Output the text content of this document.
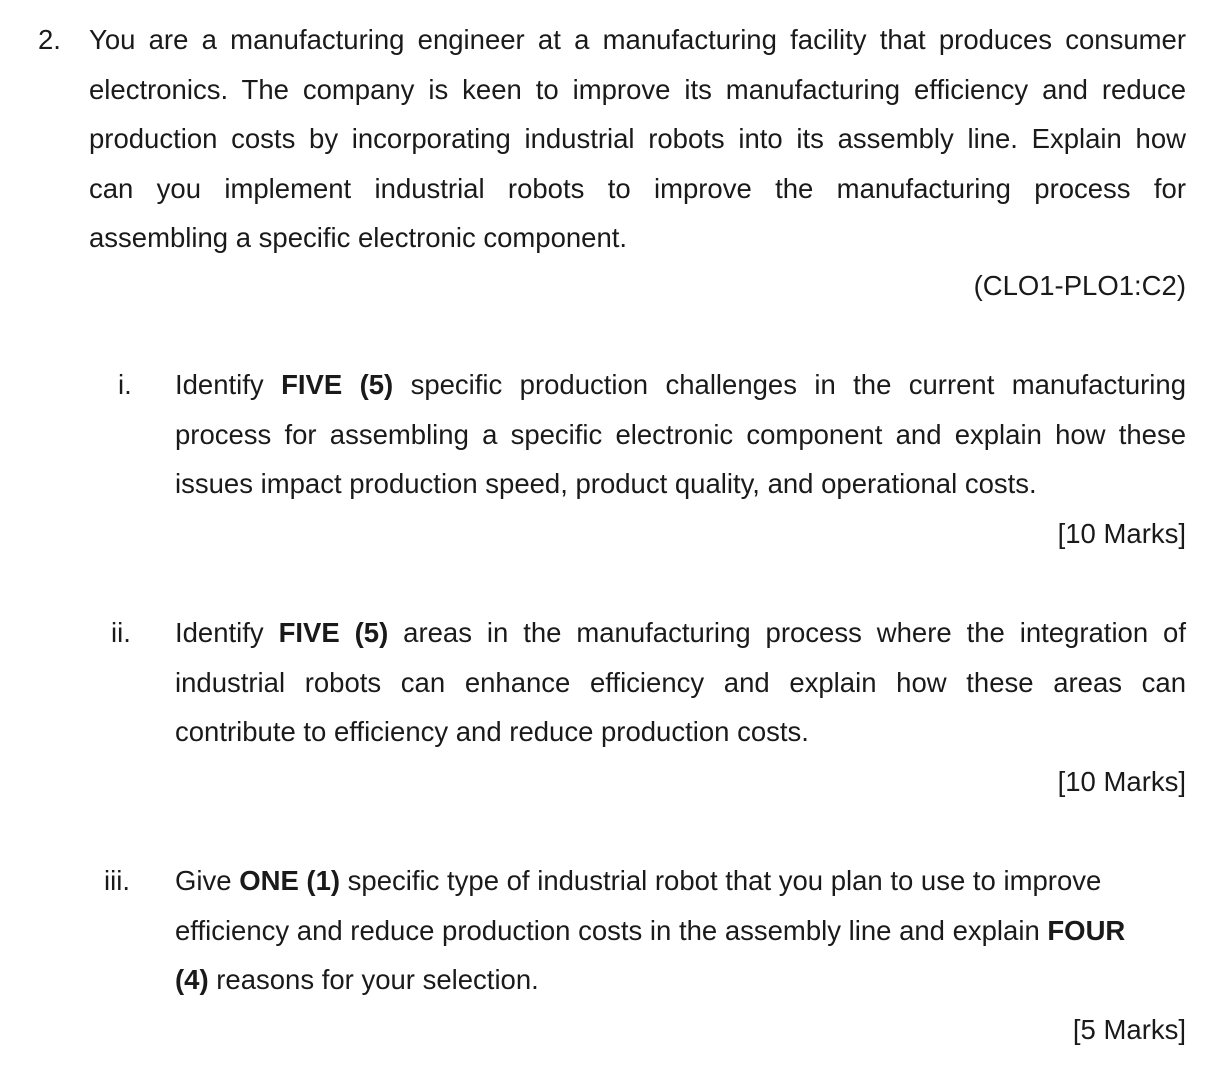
2. You are a manufacturing engineer at a manufacturing facility that produces consumer
electronics. The company is keen to improve its manufacturing efficiency and reduce
production costs by incorporating industrial robots into its assembly line. Explain how
can you implement industrial robots to improve the manufacturing process for
assembling a specific electronic component.
(CLO1-PLO1:C2)
i. Identify FIVE (5) specific production challenges in the current manufacturing
process for assembling a specific electronic component and explain how these
issues impact production speed, product quality, and operational costs.
[10 Marks]
ii. Identify FIVE (5) areas in the manufacturing process where the integration of
industrial robots can enhance efficiency and explain how these areas can
contribute to efficiency and reduce production costs.
[10 Marks]
iii. Give ONE (1) specific type of industrial robot that you plan to use to improve
efficiency and reduce production costs in the assembly line and explain FOUR
(4) reasons for your selection.
[5 Marks]
